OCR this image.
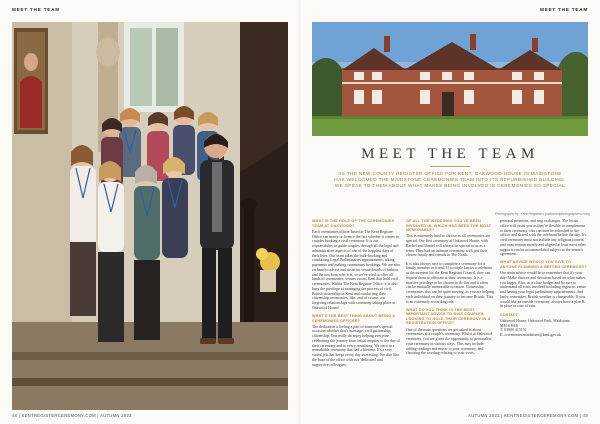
MEET THE TEAM
48 | KENTREGISTERCEREMONY.COM | AUTUMN 2023
MEET THE TEAM
MEET THE TEAM
AS THE NEW COUNTY REGISTER OFFICE FOR KENT, OAKWOOD HOUSE IN MAIDSTONE HAS WELCOMED THE MAIDSTONE CEREMONIES TEAM INTO ITS REFURBISHED BUILDING. WE SPEAK TO THEM ABOUT WHAT MAKES BEING INVOLVED IN CEREMONIES SO SPECIAL
Photography by: Kent Registrars (oakwoodphotographers.com)
WHAT IS THE ROLE OF THE CEREMONIES TEAM AT OAKWOOD?
Each ceremonies officer based at The Kent Register Office can marry or licence the fact whether it comes to couples booking a civil ceremony. It is our responsibility to guide couples through all the legal and administrative aspects of one of the happiest days of their lives. Our team takes the bulk-booking and conducting Legal Preliminaries appointments, taking payments and making ceremonies bookings. We are also on hand to advise and assist on venue details of fashion and the newborn who it is, so we've tried to offer all kinds of ceremonies, venues across Kent that hold civil ceremonies. Within The Kent Register Office, it is also busy the privilege of managing the process of civil, British citizenship in Kent and conducting their citizenship ceremonies, like, and of course, our forgiving relationships with ceremony taking place at Oakwood House!
WHAT'S THE BEST THING ABOUT BEING A CEREMONIES OFFICER?
The dedication a feeling a part of someone's special occasion whether that's marriage, civil partnership, citizenship. You really do enjoy helping everyone celebrating the journey from initial enquiry to the day of their ceremony and to every remaining. We once in a remarkable ceremony that had a lifetime. It's a very varied job that keeps every day interesting. We also like the buzz of the office with our 'dedicated' and supportive colleagues.
OF ALL THE WEDDINGS YOU'VE BEEN INVOLVED IN, WHICH HAS BEEN THE MOST MEMORABLE?
This is extremely hard to choose as all ceremonies are special. Our first ceremony at Oakwood House, with Rachel and Daniel will always be special to us as a team. They had an intimate ceremony with just their closest family and friends in The North.
It is also always nice to complete a ceremony for a family member or friend. If a couple knows a celebrant at the moment for the Kent Register Council, they can request them to officiate at their ceremony. It is a massive privilege to be chosen to do this and it often can be mutually memorable occasion. Citizenship ceremonies also can be quite moving, as you are helping each individual on their journey to become British. This is an extremely rewarding role.
WHAT DO YOU THINK IS THE MOST IMPORTANT ADVICE TO GIVE COUPLES LOOKING TO HOLD THEIR CEREMONY IN A REGISTRATION OFFICE?
One of the main questions we get asked is about ceremonies at a couple's ceremony. Whilst at Oakwood ceremony, you are given the opportunity to personalise your ceremony in various ways. This may include adding readings and music to your ceremony, and choosing the wording relating to your vows,
personal promises, and ring exchanges. The locals office will assist you as they're flexible to complement to their ceremony; this can then be refreshed to the officer and shared with the celebrant before the day. It's civil ceremony must not include any religious content and must remain mostly and aligned at least most other supports can be accommodated subject to the venue's agreement.
WHAT ADVICE WOULD YOU GIVE TO ANYONE PLANNING A BRITISH CEREMONY?
Our main advice would be to remember that it's your day! Make choices and decisions based on what makes you happy. Also, as a close budget and be sure to understand all costs involved including registrar, venue and having your legal preliminary appointments. And lastly, remember, British weather is changeable. If you would like an outside ceremony, always have a plan B in place in case of rain.
CONTACT
Oakwood House, Oakwood Park, Maidstone,
ME16 8AE
T: 03000 415151
E: ceremonies.maidstone@kent.gov.uk
AUTUMN 2023 | KENTREGISTERCEREMONY.COM | 49
